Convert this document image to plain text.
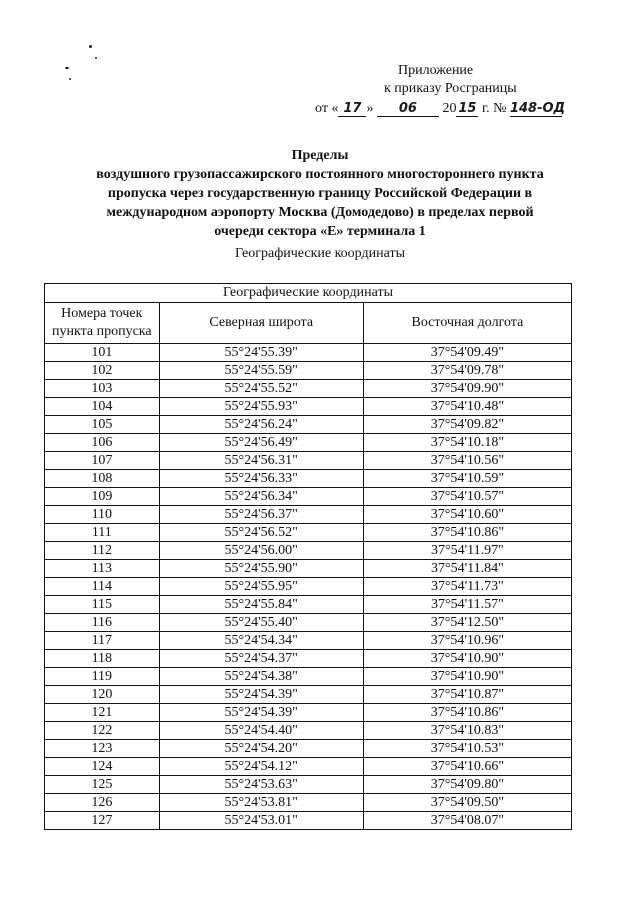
Приложение
к приказу Росграницы
от « 17 » 06 20 15 г. № 148-ОД
Пределы
воздушного грузопассажирского постоянного многостороннего пункта
пропуска через государственную границу Российской Федерации в
международном аэропорту Москва (Домодедово) в пределах первой
очереди сектора «Е» терминала 1
Географические координаты
Географические координаты		
Номера точек пункта пропуска	Северная широта	Восточная долгота
101	55°24'55.39"	37°54'09.49"
102	55°24'55.59"	37°54'09.78"
103	55°24'55.52"	37°54'09.90"
104	55°24'55.93"	37°54'10.48"
105	55°24'56.24"	37°54'09.82"
106	55°24'56.49"	37°54'10.18"
107	55°24'56.31"	37°54'10.56"
108	55°24'56.33"	37°54'10.59"
109	55°24'56.34"	37°54'10.57"
110	55°24'56.37"	37°54'10.60"
111	55°24'56.52"	37°54'10.86"
112	55°24'56.00"	37°54'11.97"
113	55°24'55.90"	37°54'11.84"
114	55°24'55.95"	37°54'11.73"
115	55°24'55.84"	37°54'11.57"
116	55°24'55.40"	37°54'12.50"
117	55°24'54.34"	37°54'10.96"
118	55°24'54.37"	37°54'10.90"
119	55°24'54.38"	37°54'10.90"
120	55°24'54.39"	37°54'10.87"
121	55°24'54.39"	37°54'10.86"
122	55°24'54.40"	37°54'10.83"
123	55°24'54.20"	37°54'10.53"
124	55°24'54.12"	37°54'10.66"
125	55°24'53.63"	37°54'09.80"
126	55°24'53.81"	37°54'09.50"
127	55°24'53.01"	37°54'08.07"
